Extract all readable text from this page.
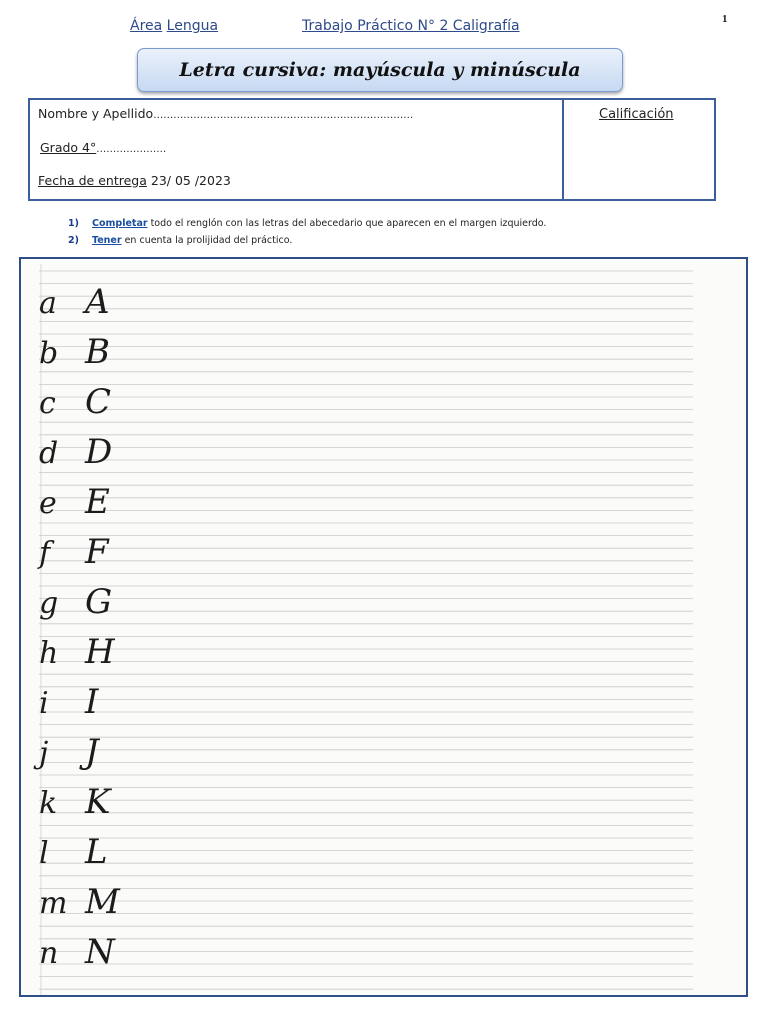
1
Área Lengua	Trabajo Práctico N° 2 Caligrafía
Letra cursiva: mayúscula y minúscula
Nombre y Apellido……………………………………………………………………
Grado 4°…………………
Fecha de entrega 23/ 05 /2023
Calificación
1) Completar todo el renglón con las letras del abecedario que aparecen en el margen izquierdo.
2) Tener en cuenta la prolijidad del práctico.
a A
b B
c C
d D
e E
f F
g G
h H
i I
j J
k K
l L
m M
n N
